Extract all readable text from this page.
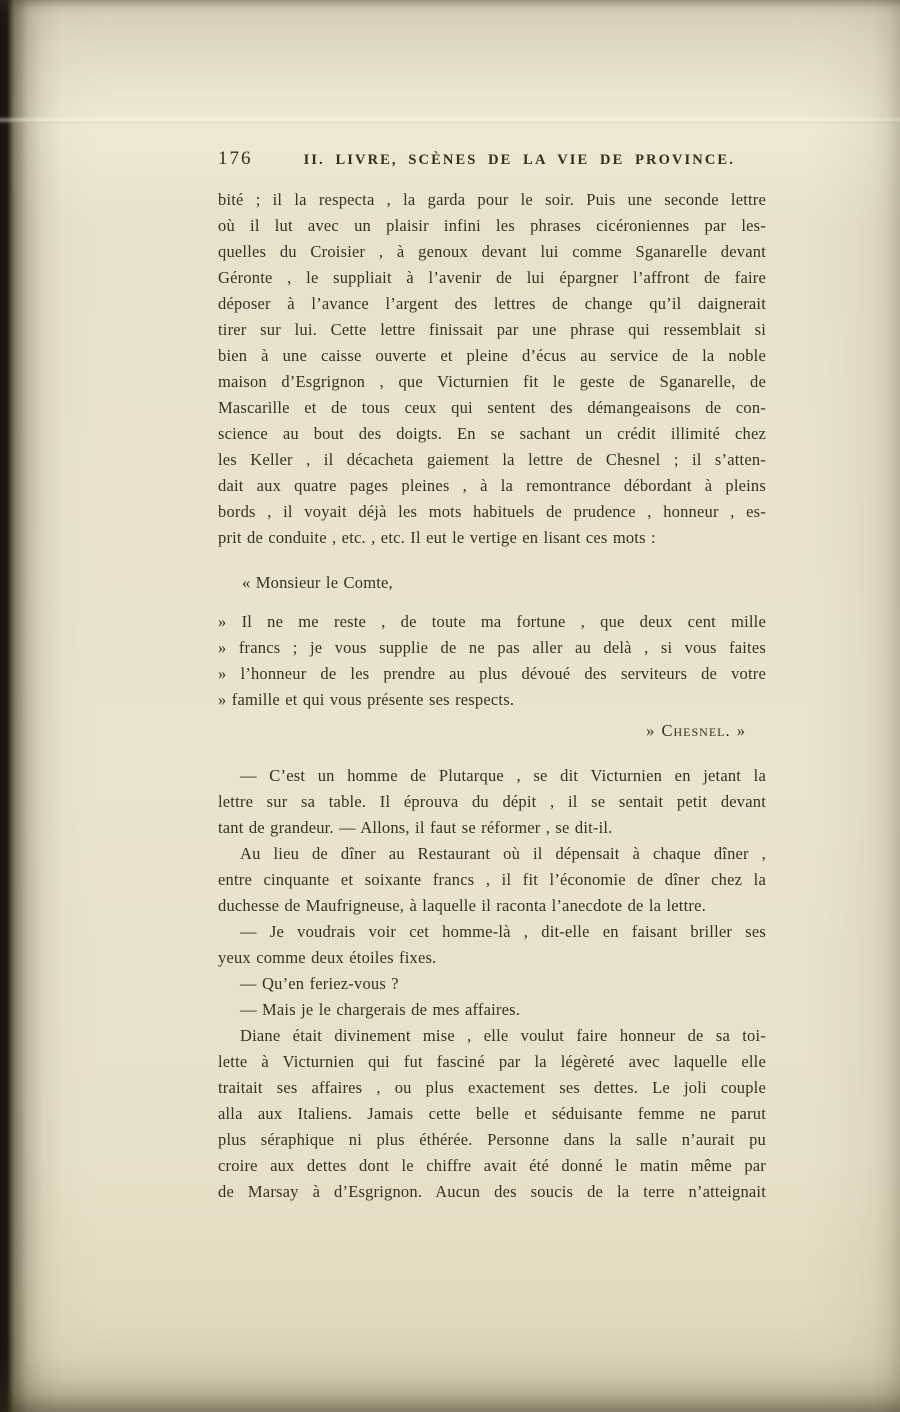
176	II. LIVRE, SCÈNES DE LA VIE DE PROVINCE.
bité ; il la respecta , la garda pour le soir. Puis une seconde lettre
où il lut avec un plaisir infini les phrases cicéroniennes par les-
quelles du Croisier , à genoux devant lui comme Sganarelle devant
Géronte , le suppliait à l’avenir de lui épargner l’affront de faire
déposer à l’avance l’argent des lettres de change qu’il daignerait
tirer sur lui. Cette lettre finissait par une phrase qui ressemblait si
bien à une caisse ouverte et pleine d’écus au service de la noble
maison d’Esgrignon , que Victurnien fit le geste de Sganarelle, de
Mascarille et de tous ceux qui sentent des démangeaisons de con-
science au bout des doigts. En se sachant un crédit illimité chez
les Keller , il décacheta gaiement la lettre de Chesnel ; il s’atten-
dait aux quatre pages pleines , à la remontrance débordant à pleins
bords , il voyait déjà les mots habituels de prudence , honneur , es-
prit de conduite , etc. , etc. Il eut le vertige en lisant ces mots :
« Monsieur le Comte,
» Il ne me reste , de toute ma fortune , que deux cent mille
» francs ; je vous supplie de ne pas aller au delà , si vous faites
» l’honneur de les prendre au plus dévoué des serviteurs de votre
» famille et qui vous présente ses respects.
» Chesnel. »
— C’est un homme de Plutarque , se dit Victurnien en jetant la
lettre sur sa table. Il éprouva du dépit , il se sentait petit devant
tant de grandeur. — Allons, il faut se réformer , se dit-il.
Au lieu de dîner au Restaurant où il dépensait à chaque dîner ,
entre cinquante et soixante francs , il fit l’économie de dîner chez la
duchesse de Maufrigneuse, à laquelle il raconta l’anecdote de la lettre.
— Je voudrais voir cet homme-là , dit-elle en faisant briller ses
yeux comme deux étoiles fixes.
— Qu’en feriez-vous ?
— Mais je le chargerais de mes affaires.
Diane était divinement mise , elle voulut faire honneur de sa toi-
lette à Victurnien qui fut fasciné par la légèreté avec laquelle elle
traitait ses affaires , ou plus exactement ses dettes. Le joli couple
alla aux Italiens. Jamais cette belle et séduisante femme ne parut
plus séraphique ni plus éthérée. Personne dans la salle n’aurait pu
croire aux dettes dont le chiffre avait été donné le matin même par
de Marsay à d’Esgrignon. Aucun des soucis de la terre n’atteignait
